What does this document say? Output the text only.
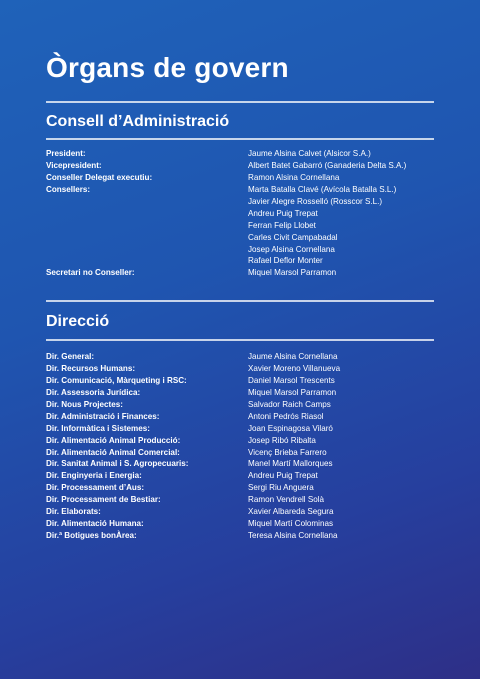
Òrgans de govern
Consell d’Administració
President:	Jaume Alsina Calvet (Alsicor S.A.)
Vicepresident:	Albert Batet Gabarró (Ganaderia Delta S.A.)
Conseller Delegat executiu:	Ramon Alsina Cornellana
Consellers:	Marta Batalla Clavé (Avícola Batalla S.L.)
Javier Alegre Rosselló (Rosscor S.L.)
Andreu Puig Trepat
Ferran Felip Llobet
Carles Civit Campabadal
Josep Alsina Cornellana
Rafael Deflor Monter
Secretari no Conseller:	Miquel Marsol Parramon
Direcció
Dir. General:	Jaume Alsina Cornellana
Dir. Recursos Humans:	Xavier Moreno Villanueva
Dir. Comunicació, Màrqueting i RSC:	Daniel Marsol Trescents
Dir. Assessoria Jurídica:	Miquel Marsol Parramon
Dir. Nous Projectes:	Salvador Raich Camps
Dir. Administració i Finances:	Antoni Pedrós Riasol
Dir. Informàtica i Sistemes:	Joan Espinagosa Vilaró
Dir. Alimentació Animal Producció:	Josep Ribó Ribalta
Dir. Alimentació Animal Comercial:	Vicenç Brieba Farrero
Dir. Sanitat Animal i S. Agropecuaris:	Manel Martí Mallorques
Dir. Enginyeria i Energia:	Andreu Puig Trepat
Dir. Processament d’Aus:	Sergi Riu Anguera
Dir. Processament de Bestiar:	Ramon Vendrell Solà
Dir. Elaborats:	Xavier Albareda Segura
Dir. Alimentació Humana:	Miquel Martí Colominas
Dir.ª Botigues bonÀrea:	Teresa Alsina Cornellana
